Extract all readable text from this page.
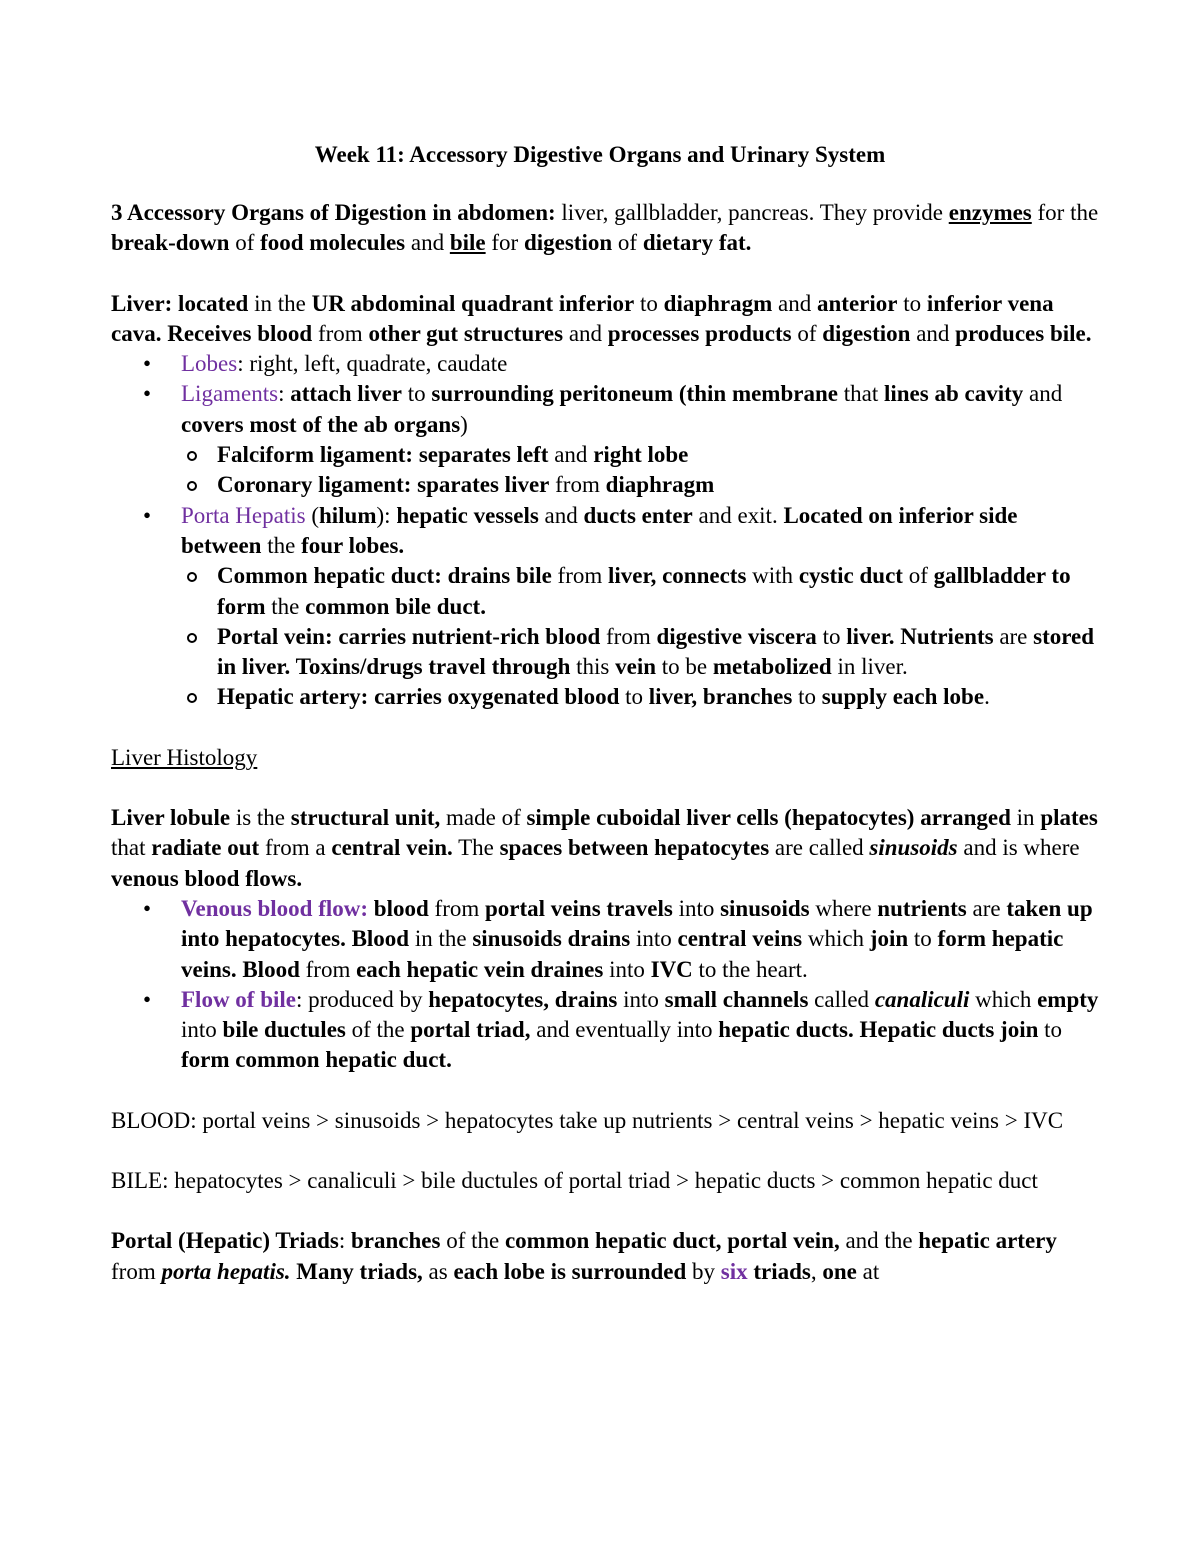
Week 11: Accessory Digestive Organs and Urinary System

3 Accessory Organs of Digestion in abdomen: liver, gallbladder, pancreas. They provide enzymes for the break-down of food molecules and bile for digestion of dietary fat.

Liver: located in the UR abdominal quadrant inferior to diaphragm and anterior to inferior vena cava. Receives blood from other gut structures and processes products of digestion and produces bile.

• Lobes: right, left, quadrate, caudate
• Ligaments: attach liver to surrounding peritoneum (thin membrane that lines ab cavity and covers most of the ab organs)
Falciform ligament: separates left and right lobe
Coronary ligament: sparates liver from diaphragm
• Porta Hepatis (hilum): hepatic vessels and ducts enter and exit. Located on inferior side between the four lobes.
Common hepatic duct: drains bile from liver, connects with cystic duct of gallbladder to form the common bile duct.
Portal vein: carries nutrient-rich blood from digestive viscera to liver. Nutrients are stored in liver. Toxins/drugs travel through this vein to be metabolized in liver.
Hepatic artery: carries oxygenated blood to liver, branches to supply each lobe.

Liver Histology

Liver lobule is the structural unit, made of simple cuboidal liver cells (hepatocytes) arranged in plates that radiate out from a central vein. The spaces between hepatocytes are called sinusoids and is where venous blood flows.

• Venous blood flow: blood from portal veins travels into sinusoids where nutrients are taken up into hepatocytes. Blood in the sinusoids drains into central veins which join to form hepatic veins. Blood from each hepatic vein draines into IVC to the heart.
• Flow of bile: produced by hepatocytes, drains into small channels called canaliculi which empty into bile ductules of the portal triad, and eventually into hepatic ducts. Hepatic ducts join to form common hepatic duct.

BLOOD: portal veins > sinusoids > hepatocytes take up nutrients > central veins > hepatic veins > IVC

BILE: hepatocytes > canaliculi > bile ductules of portal triad > hepatic ducts > common hepatic duct

Portal (Hepatic) Triads: branches of the common hepatic duct, portal vein, and the hepatic artery from porta hepatis. Many triads, as each lobe is surrounded by six triads, one at
